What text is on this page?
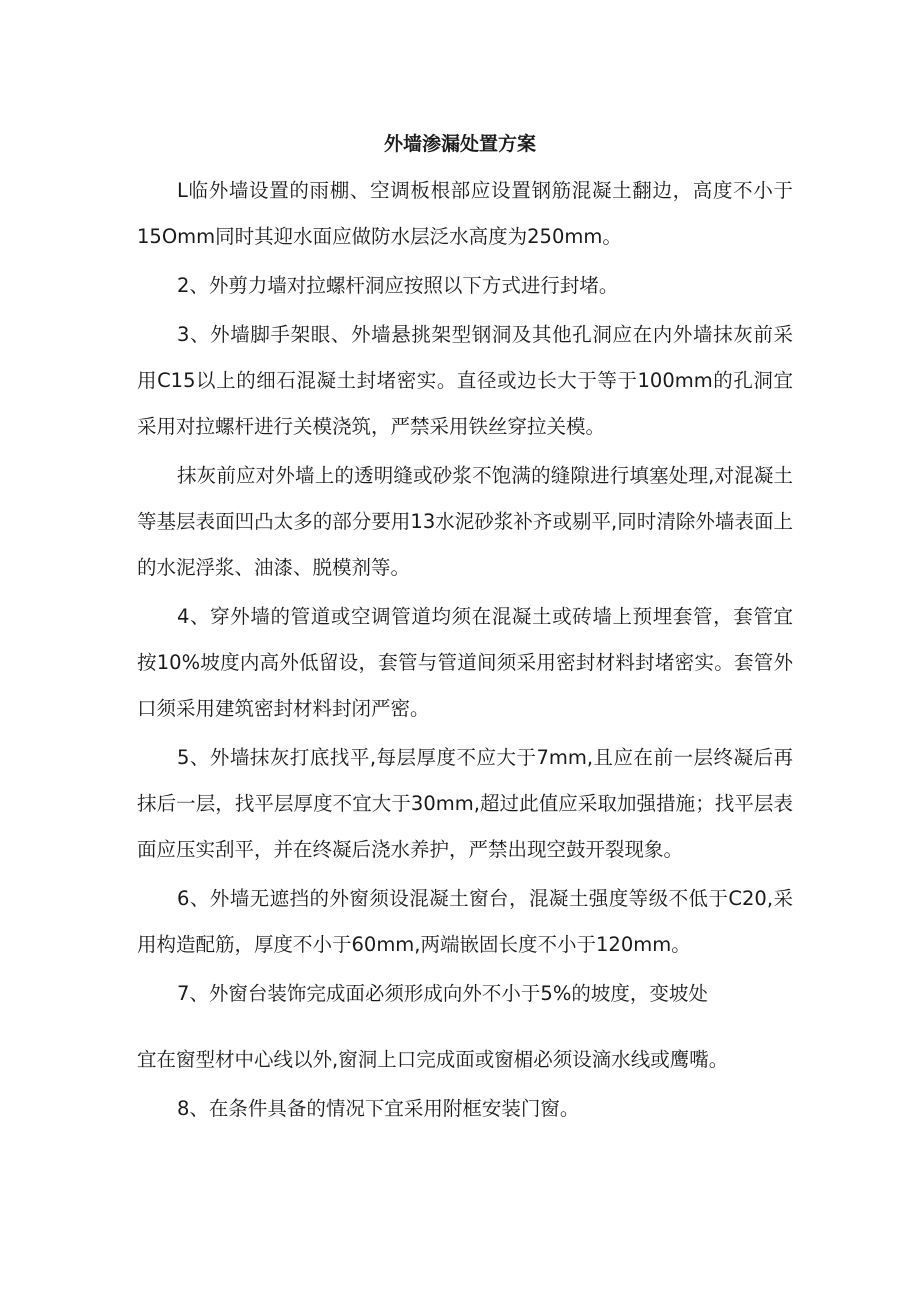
外墙渗漏处置方案

L临外墙设置的雨棚、空调板根部应设置钢筋混凝土翻边，高度不小于15Omm同时其迎水面应做防水层泛水高度为250mm。

2、外剪力墙对拉螺杆洞应按照以下方式进行封堵。

3、外墙脚手架眼、外墙悬挑架型钢洞及其他孔洞应在内外墙抹灰前采用C15以上的细石混凝土封堵密实。直径或边长大于等于100mm的孔洞宜采用对拉螺杆进行关模浇筑，严禁采用铁丝穿拉关模。

抹灰前应对外墙上的透明缝或砂浆不饱满的缝隙进行填塞处理,对混凝土等基层表面凹凸太多的部分要用13水泥砂浆补齐或剔平,同时清除外墙表面上的水泥浮浆、油漆、脱模剂等。

4、穿外墙的管道或空调管道均须在混凝土或砖墙上预埋套管，套管宜按10%坡度内高外低留设，套管与管道间须采用密封材料封堵密实。套管外口须采用建筑密封材料封闭严密。

5、外墙抹灰打底找平,每层厚度不应大于7mm,且应在前一层终凝后再抹后一层，找平层厚度不宜大于30mm,超过此值应采取加强措施；找平层表面应压实刮平，并在终凝后浇水养护，严禁出现空鼓开裂现象。

6、外墙无遮挡的外窗须设混凝土窗台，混凝土强度等级不低于C20,采用构造配筋，厚度不小于60mm,两端嵌固长度不小于120mm。

7、外窗台装饰完成面必须形成向外不小于5%的坡度，变坡处

宜在窗型材中心线以外,窗洞上口完成面或窗楣必须设滴水线或鹰嘴。

8、在条件具备的情况下宜采用附框安装门窗。
